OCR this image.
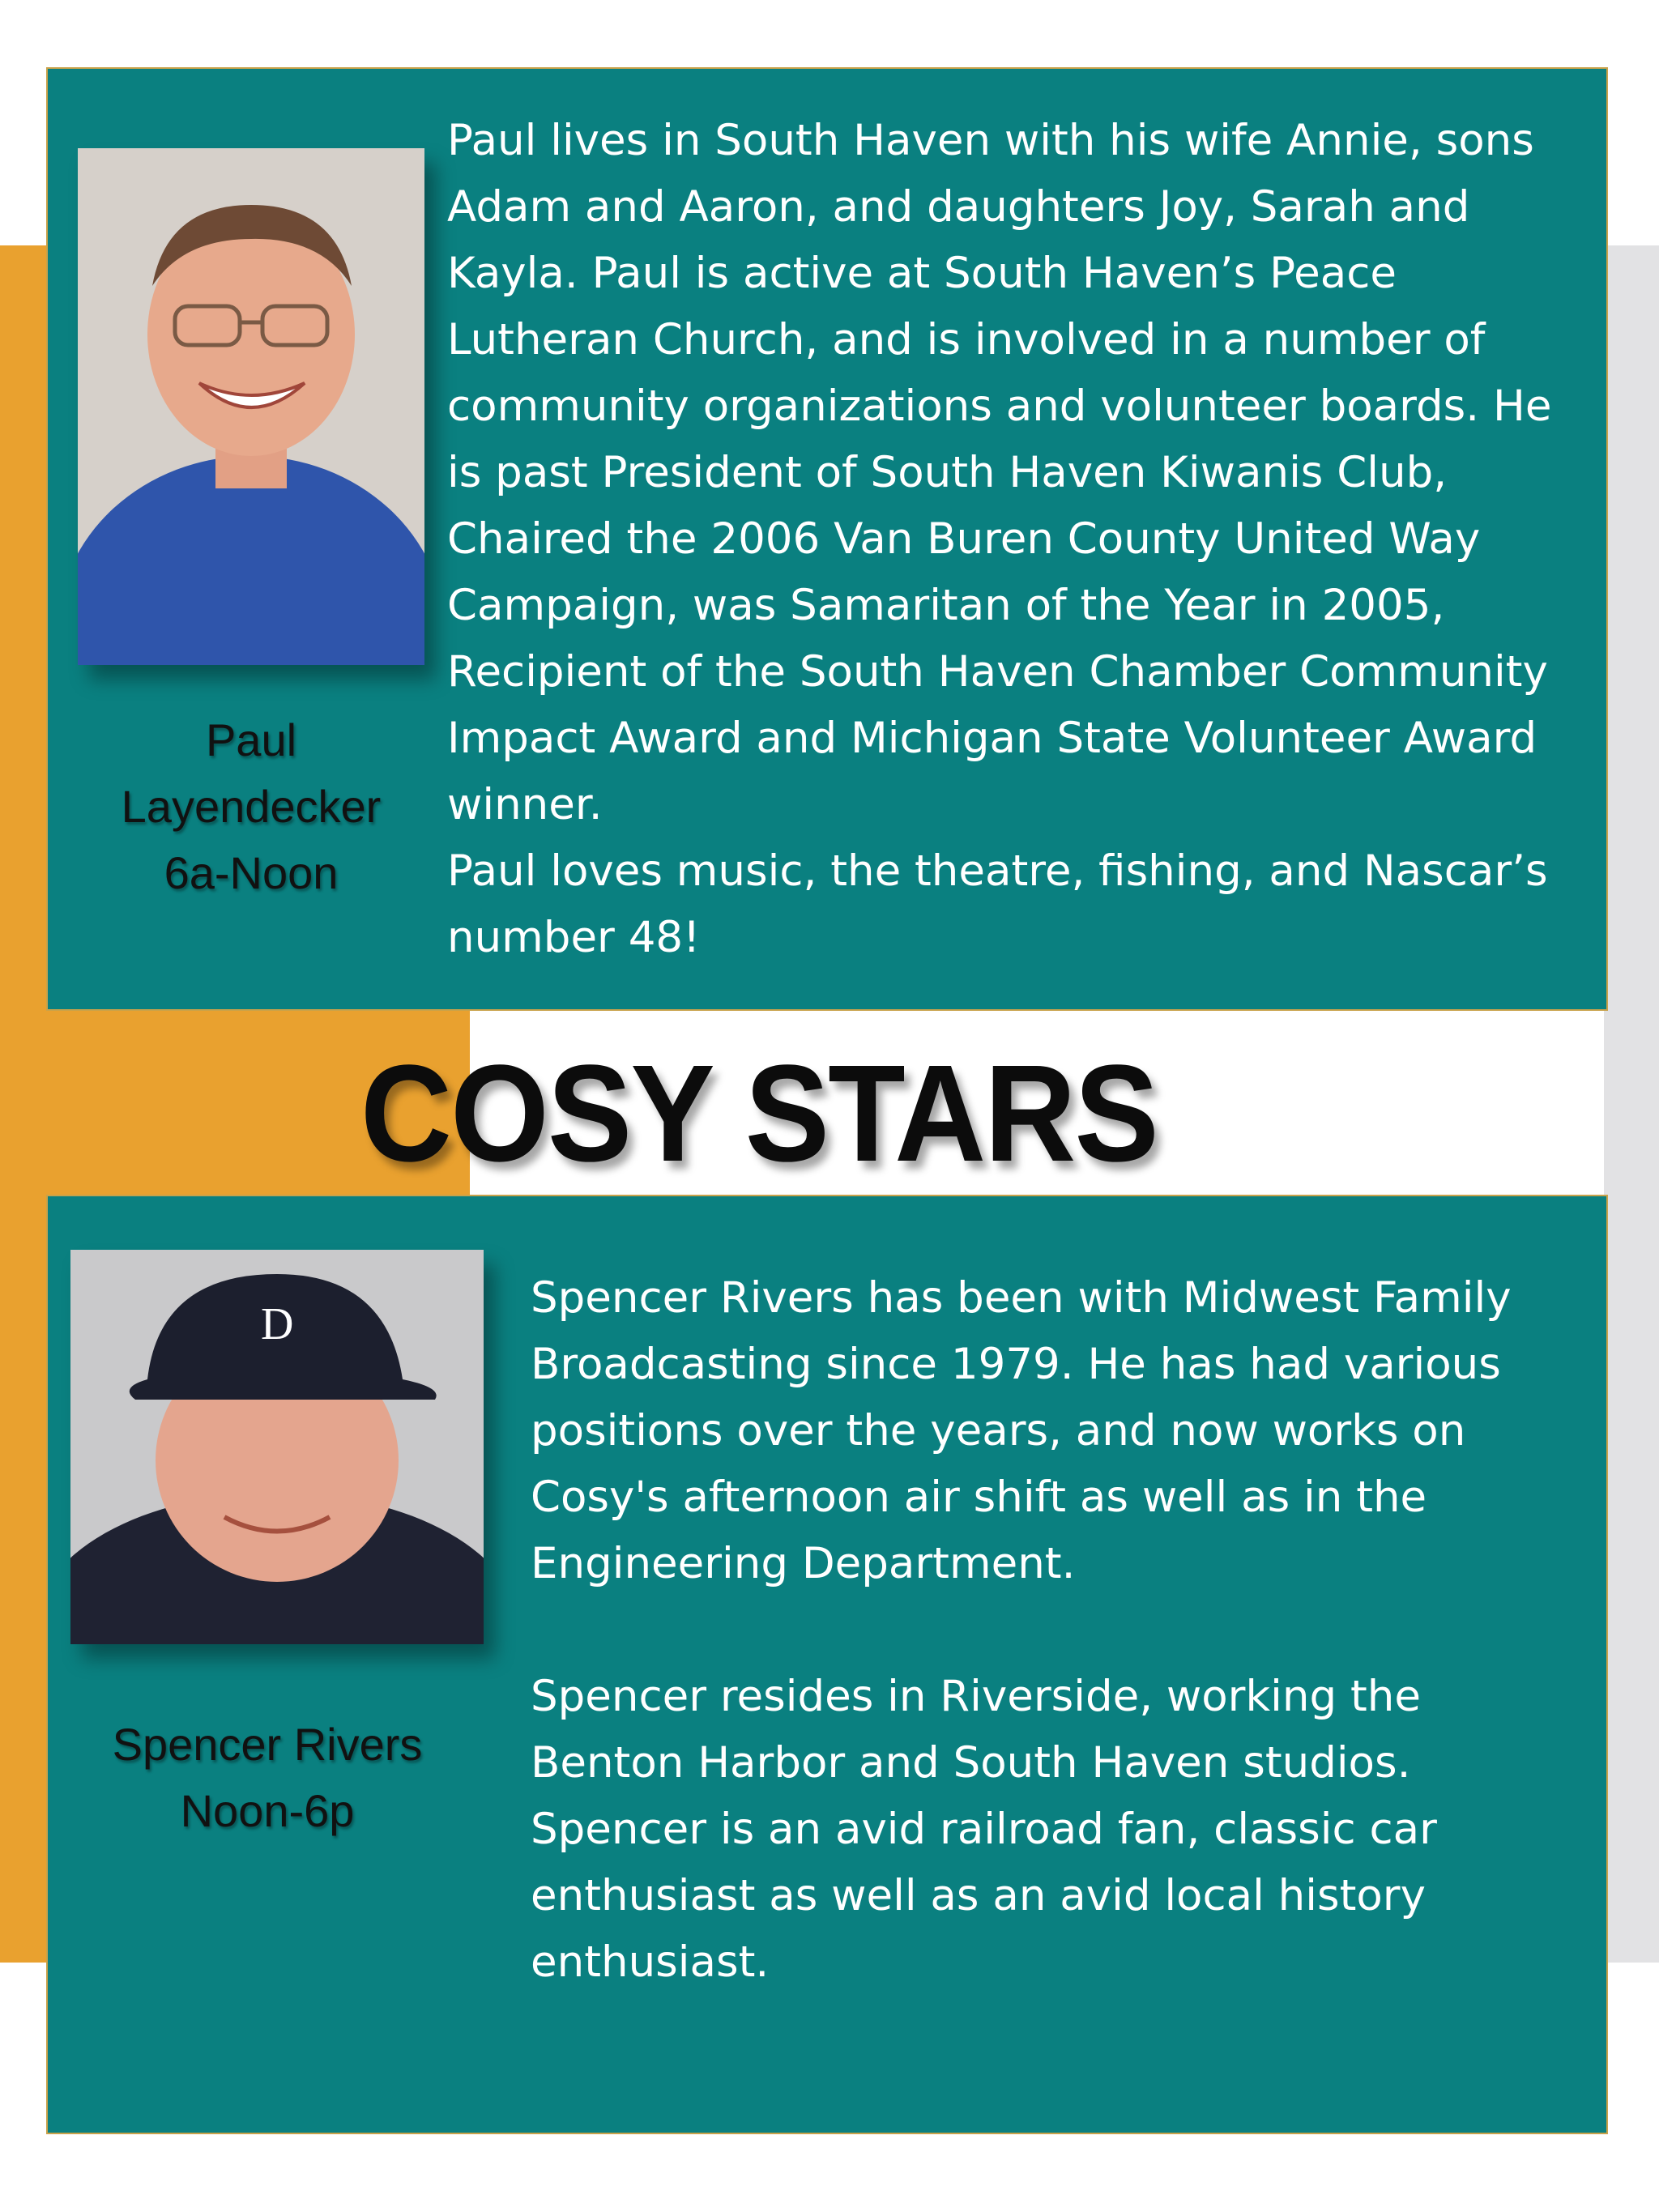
Paul
Layendecker
6a-Noon

Paul lives in South Haven with his wife Annie, sons Adam and Aaron, and daughters Joy, Sarah and Kayla. Paul is active at South Haven’s Peace Lutheran Church, and is involved in a number of community organizations and volunteer boards. He is past President of South Haven Kiwanis Club, Chaired the 2006 Van Buren County United Way Campaign, was Samaritan of the Year in 2005, Recipient of the South Haven Chamber Community Impact Award and Michigan State Volunteer Award winner.

Paul loves music, the theatre, fishing, and Nascar’s number 48!

COSY STARS
D
Spencer Rivers
Noon-6p

Spencer Rivers has been with Midwest Family Broadcasting since 1979. He has had various positions over the years, and now works on Cosy's afternoon air shift as well as in the Engineering Department.

Spencer resides in Riverside, working the Benton Harbor and South Haven studios. Spencer is an avid railroad fan, classic car enthusiast as well as an avid local history enthusiast.
